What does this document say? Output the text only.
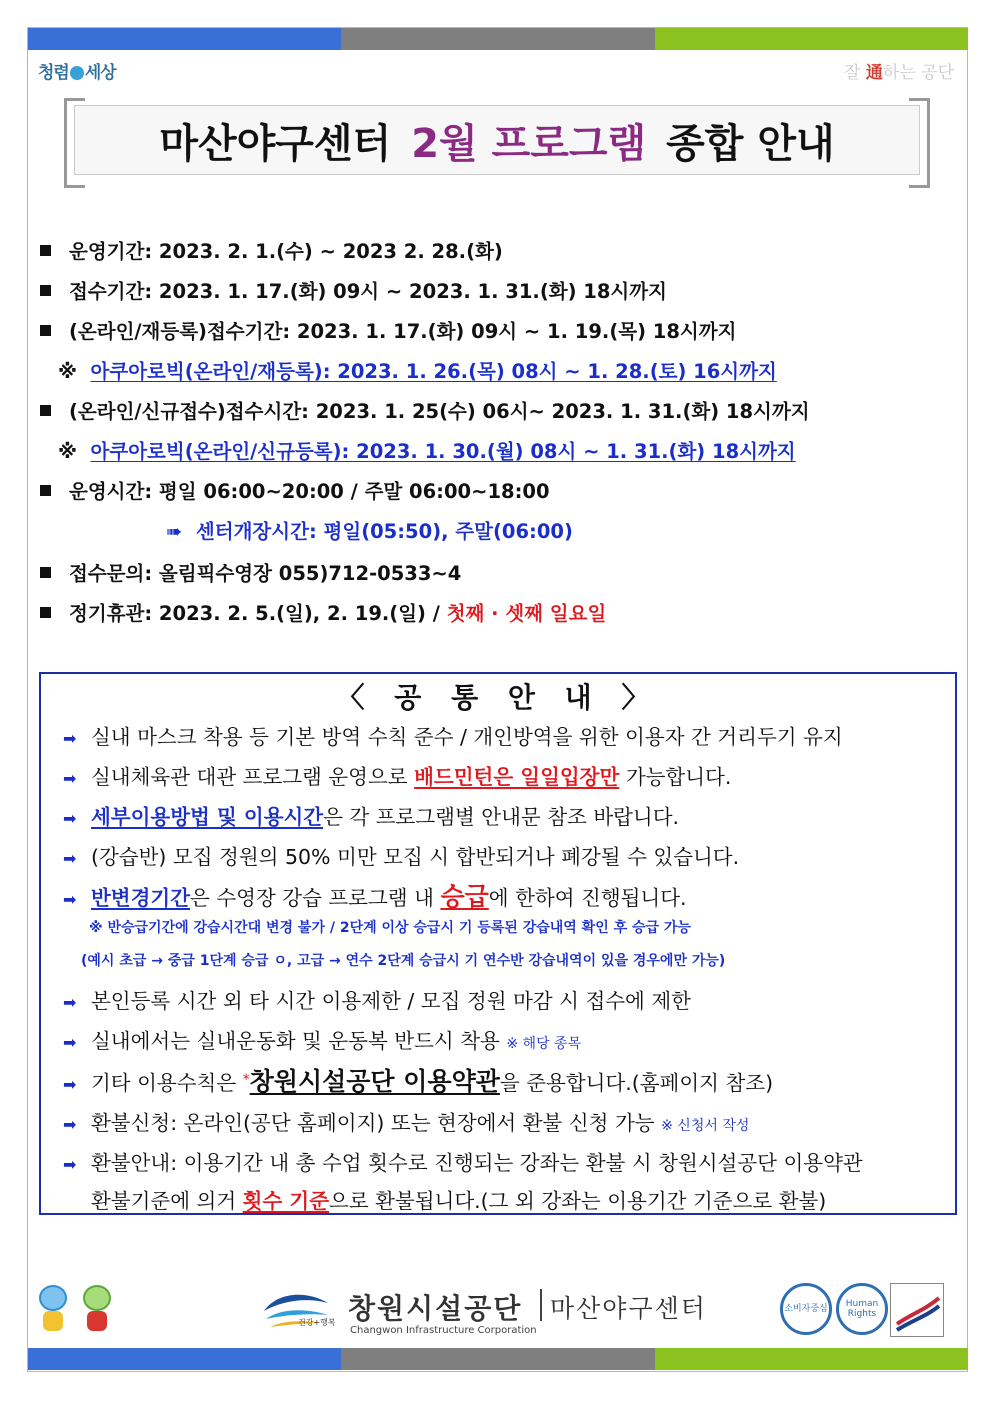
청렴 세상	잘 通하는 공단
마산야구센터 2월 프로그램 종합 안내
운영기간: 2023. 2. 1.(수) ~ 2023 2. 28.(화)
접수기간: 2023. 1. 17.(화) 09시 ~ 2023. 1. 31.(화) 18시까지
(온라인/재등록)접수기간: 2023. 1. 17.(화) 09시 ~ 1. 19.(목) 18시까지
※ 아쿠아로빅(온라인/재등록): 2023. 1. 26.(목) 08시 ~ 1. 28.(토) 16시까지
(온라인/신규접수)접수시간: 2023. 1. 25(수) 06시~ 2023. 1. 31.(화) 18시까지
※ 아쿠아로빅(온라인/신규등록): 2023. 1. 30.(월) 08시 ~ 1. 31.(화) 18시까지
운영시간: 평일 06:00~20:00 / 주말 06:00~18:00
➠ 센터개장시간: 평일(05:50), 주말(06:00)
접수문의: 올림픽수영장 055)712-0533~4
정기휴관: 2023. 2. 5.(일), 2. 19.(일) / 첫째 · 셋째 일요일
〈 공 통 안 내 〉
➡ 실내 마스크 착용 등 기본 방역 수칙 준수 / 개인방역을 위한 이용자 간 거리두기 유지
➡ 실내체육관 대관 프로그램 운영으로 배드민턴은 일일입장만 가능합니다.
➡ 세부이용방법 및 이용시간은 각 프로그램별 안내문 참조 바랍니다.
➡ (강습반) 모집 정원의 50% 미만 모집 시 합반되거나 폐강될 수 있습니다.
➡ 반변경기간은 수영장 강습 프로그램 내 승급에 한하여 진행됩니다.
※ 반승급기간에 강습시간대 변경 불가 / 2단계 이상 승급시 기 등록된 강습내역 확인 후 승급 가능
(예시 초급 → 중급 1단계 승급 ㅇ, 고급 → 연수 2단계 승급시 기 연수반 강습내역이 있을 경우에만 가능)
➡ 본인등록 시간 외 타 시간 이용제한 / 모집 정원 마감 시 접수에 제한
➡ 실내에서는 실내운동화 및 운동복 반드시 착용 ※ 해당 종목
➡ 기타 이용수칙은 *창원시설공단 이용약관을 준용합니다.(홈페이지 참조)
➡ 환불신청: 온라인(공단 홈페이지) 또는 현장에서 환불 신청 가능 ※ 신청서 작성
➡ 환불안내: 이용기간 내 총 수업 횟수로 진행되는 강좌는 환불 시 창원시설공단 이용약관
환불기준에 의거 횟수 기준으로 환불됩니다.(그 외 강좌는 이용기간 기준으로 환불)
건강+행복 창원시설공단
Changwon Infrastructure Corporation
마산야구센터	소비자중심	Human Rights
